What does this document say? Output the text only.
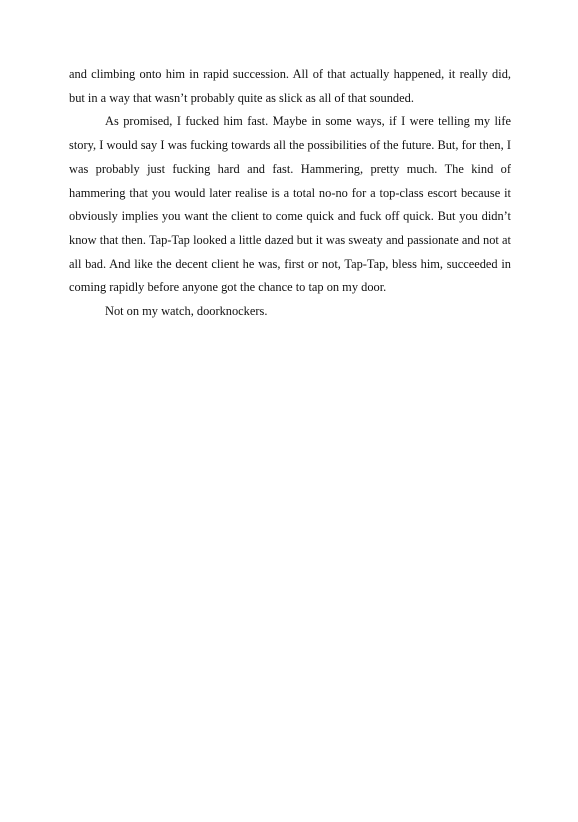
and climbing onto him in rapid succession. All of that actually happened, it really did, but in a way that wasn’t probably quite as slick as all of that sounded.

As promised, I fucked him fast. Maybe in some ways, if I were telling my life story, I would say I was fucking towards all the possibilities of the future. But, for then, I was probably just fucking hard and fast. Hammering, pretty much. The kind of hammering that you would later realise is a total no-no for a top-class escort because it obviously implies you want the client to come quick and fuck off quick. But you didn’t know that then. Tap-Tap looked a little dazed but it was sweaty and passionate and not at all bad. And like the decent client he was, first or not, Tap-Tap, bless him, succeeded in coming rapidly before anyone got the chance to tap on my door.

Not on my watch, doorknockers.
